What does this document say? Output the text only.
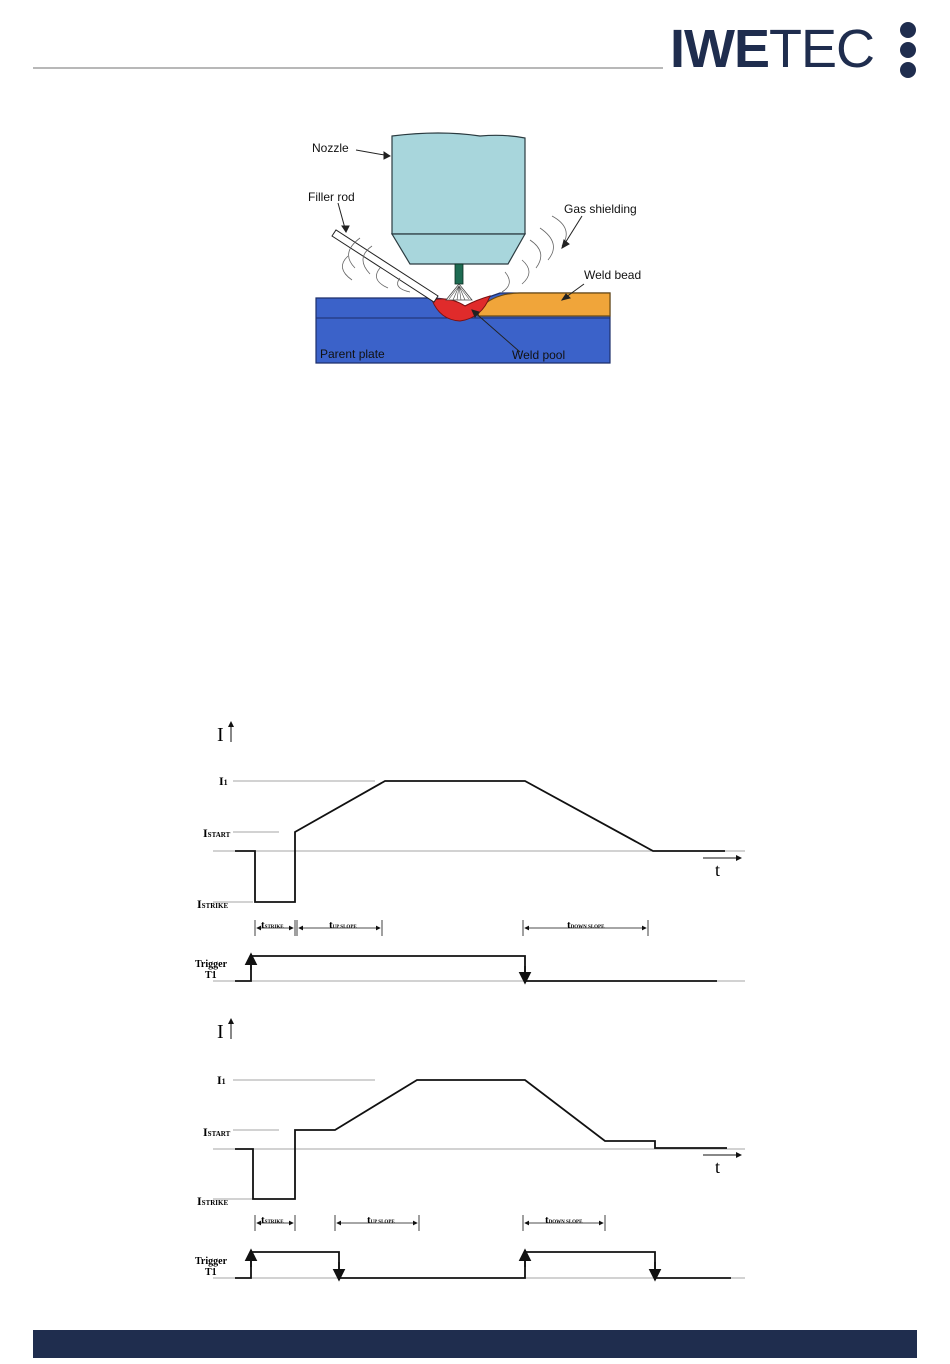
IWETEC
Nozzle
Filler rod
Gas shielding
Weld bead
Parent plate	Weld pool
I
t
I1
ISTART
ISTRIKE
tSTRIKE	tUP SLOPE	tDOWN SLOPE
Trigger
T1
I
t
I1
ISTART
ISTRIKE
tSTRIKE	tUP SLOPE	tDOWN SLOPE
Trigger
T1
